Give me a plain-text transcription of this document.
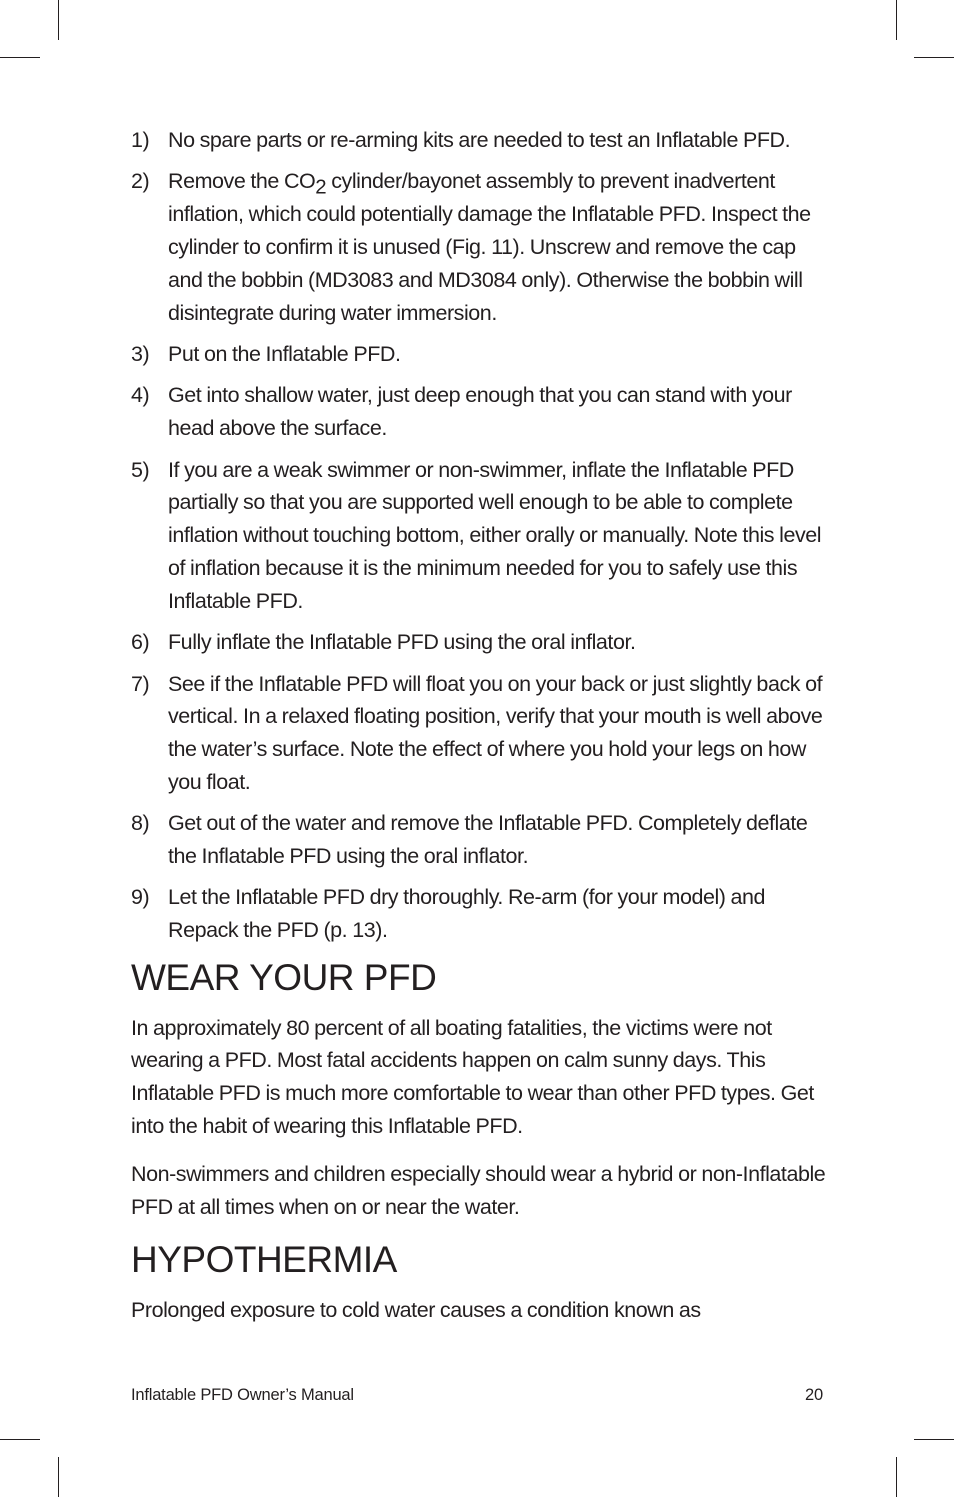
1) No spare parts or re-arming kits are needed to test an Inflatable PFD.
2) Remove the $CO_2$ cylinder/bayonet assembly to prevent inadvertent inflation, which could potentially damage the Inflatable PFD. Inspect the cylinder to confirm it is unused (Fig. 11). Unscrew and remove the cap and the bobbin (MD3083 and MD3084 only). Otherwise the bobbin will disintegrate during water immersion.
3) Put on the Inflatable PFD.
4) Get into shallow water, just deep enough that you can stand with your head above the surface.
5) If you are a weak swimmer or non-swimmer, inflate the Inflatable PFD partially so that you are supported well enough to be able to complete inflation without touching bottom, either orally or manually. Note this level of inflation because it is the minimum needed for you to safely use this Inflatable PFD.
6) Fully inflate the Inflatable PFD using the oral inflator.
7) See if the Inflatable PFD will float you on your back or just slightly back of vertical. In a relaxed floating position, verify that your mouth is well above the water’s surface. Note the effect of where you hold your legs on how you float.
8) Get out of the water and remove the Inflatable PFD. Completely deflate the Inflatable PFD using the oral inflator.
9) Let the Inflatable PFD dry thoroughly. Re-arm (for your model) and Repack the PFD (p. 13).
WEAR YOUR PFD

In approximately 80 percent of all boating fatalities, the victims were not wearing a PFD. Most fatal accidents happen on calm sunny days. This Inflatable PFD is much more comfortable to wear than other PFD types. Get into the habit of wearing this Inflatable PFD.

Non-swimmers and children especially should wear a hybrid or non-Inflatable PFD at all times when on or near the water.

HYPOTHERMIA

Prolonged exposure to cold water causes a condition known as

Inflatable PFD Owner’s Manual	20
